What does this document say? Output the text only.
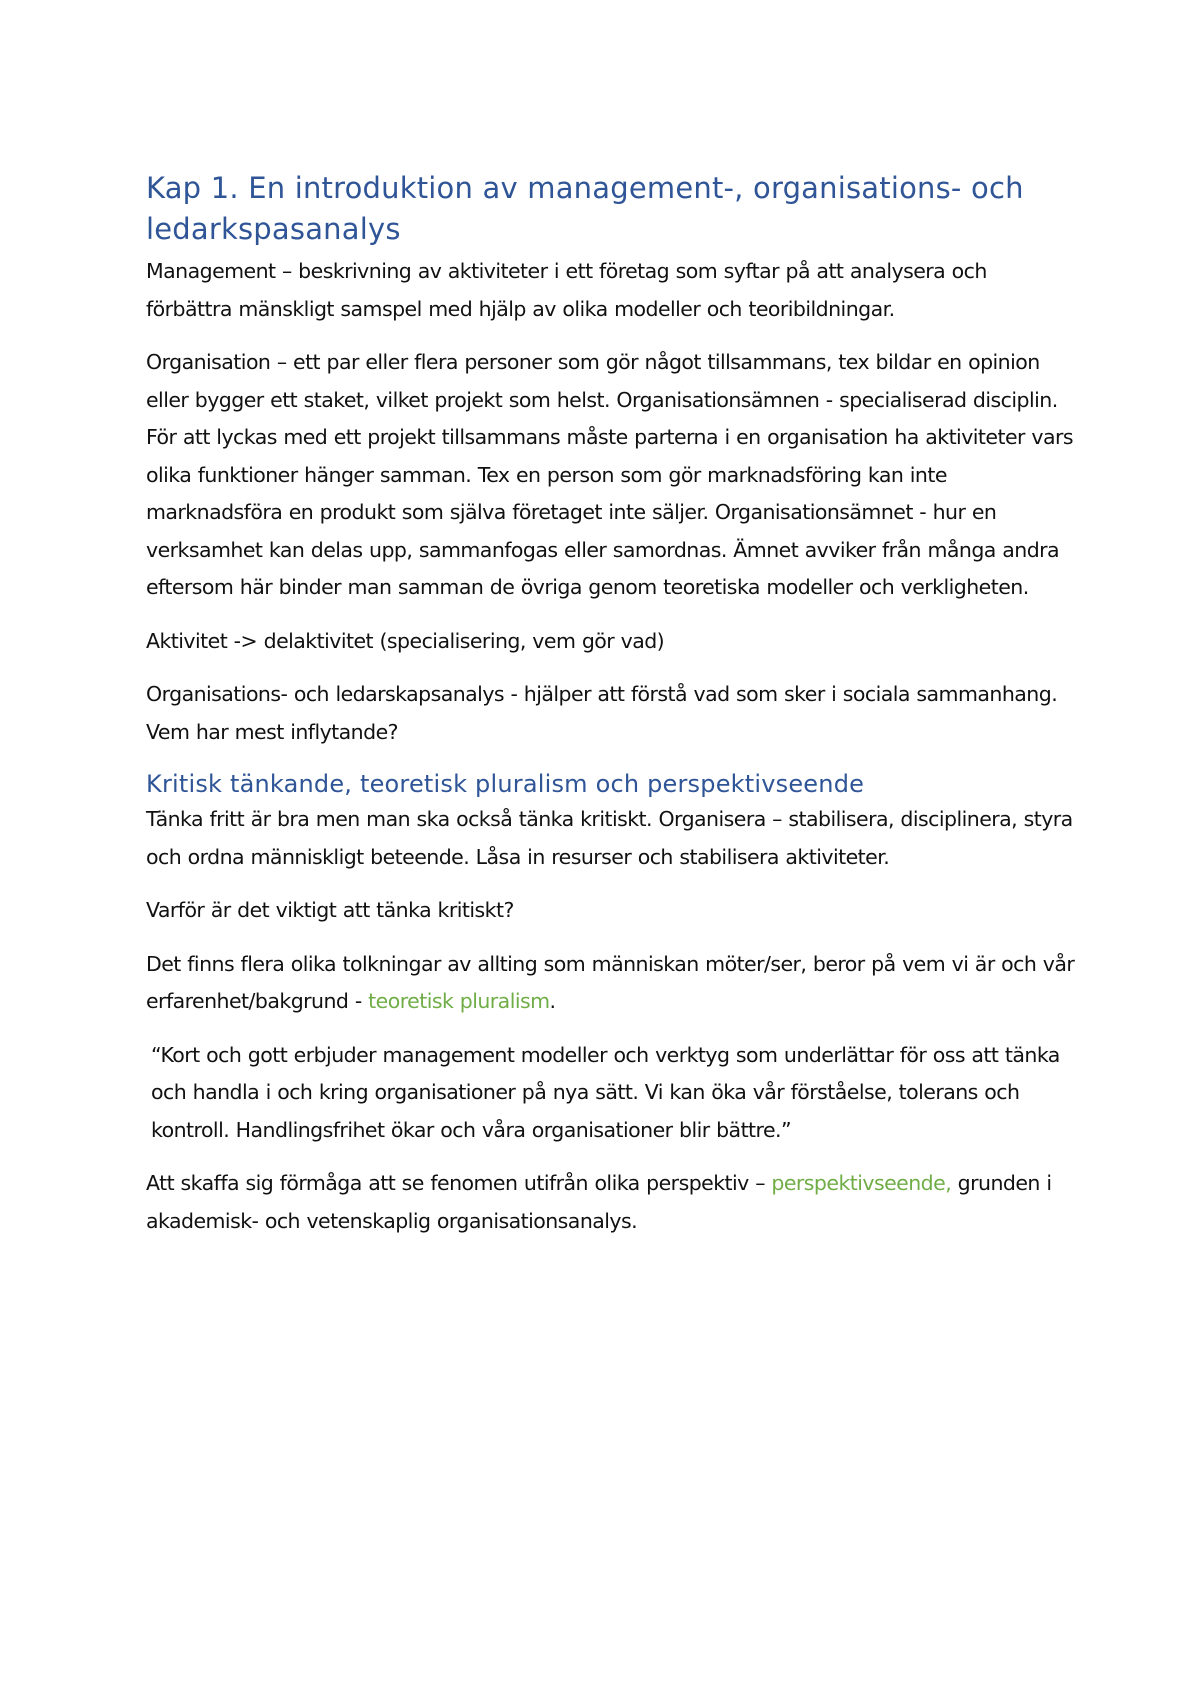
Kap 1. En introduktion av management-, organisations- och ledarkspasanalys

Management – beskrivning av aktiviteter i ett företag som syftar på att analysera och förbättra mänskligt samspel med hjälp av olika modeller och teoribildningar.

Organisation – ett par eller flera personer som gör något tillsammans, tex bildar en opinion eller bygger ett staket, vilket projekt som helst. Organisationsämnen - specialiserad disciplin. För att lyckas med ett projekt tillsammans måste parterna i en organisation ha aktiviteter vars olika funktioner hänger samman. Tex en person som gör marknadsföring kan inte marknadsföra en produkt som själva företaget inte säljer. Organisationsämnet - hur en verksamhet kan delas upp, sammanfogas eller samordnas. Ämnet avviker från många andra eftersom här binder man samman de övriga genom teoretiska modeller och verkligheten.

Aktivitet -> delaktivitet (specialisering, vem gör vad)

Organisations- och ledarskapsanalys - hjälper att förstå vad som sker i sociala sammanhang. Vem har mest inflytande?

Kritisk tänkande, teoretisk pluralism och perspektivseende

Tänka fritt är bra men man ska också tänka kritiskt. Organisera – stabilisera, disciplinera, styra och ordna människligt beteende. Låsa in resurser och stabilisera aktiviteter.

Varför är det viktigt att tänka kritiskt?

Det finns flera olika tolkningar av allting som människan möter/ser, beror på vem vi är och vår erfarenhet/bakgrund - teoretisk pluralism.

“Kort och gott erbjuder management modeller och verktyg som underlättar för oss att tänka och handla i och kring organisationer på nya sätt. Vi kan öka vår förståelse, tolerans och kontroll. Handlingsfrihet ökar och våra organisationer blir bättre.”

Att skaffa sig förmåga att se fenomen utifrån olika perspektiv – perspektivseende, grunden i akademisk- och vetenskaplig organisationsanalys.
